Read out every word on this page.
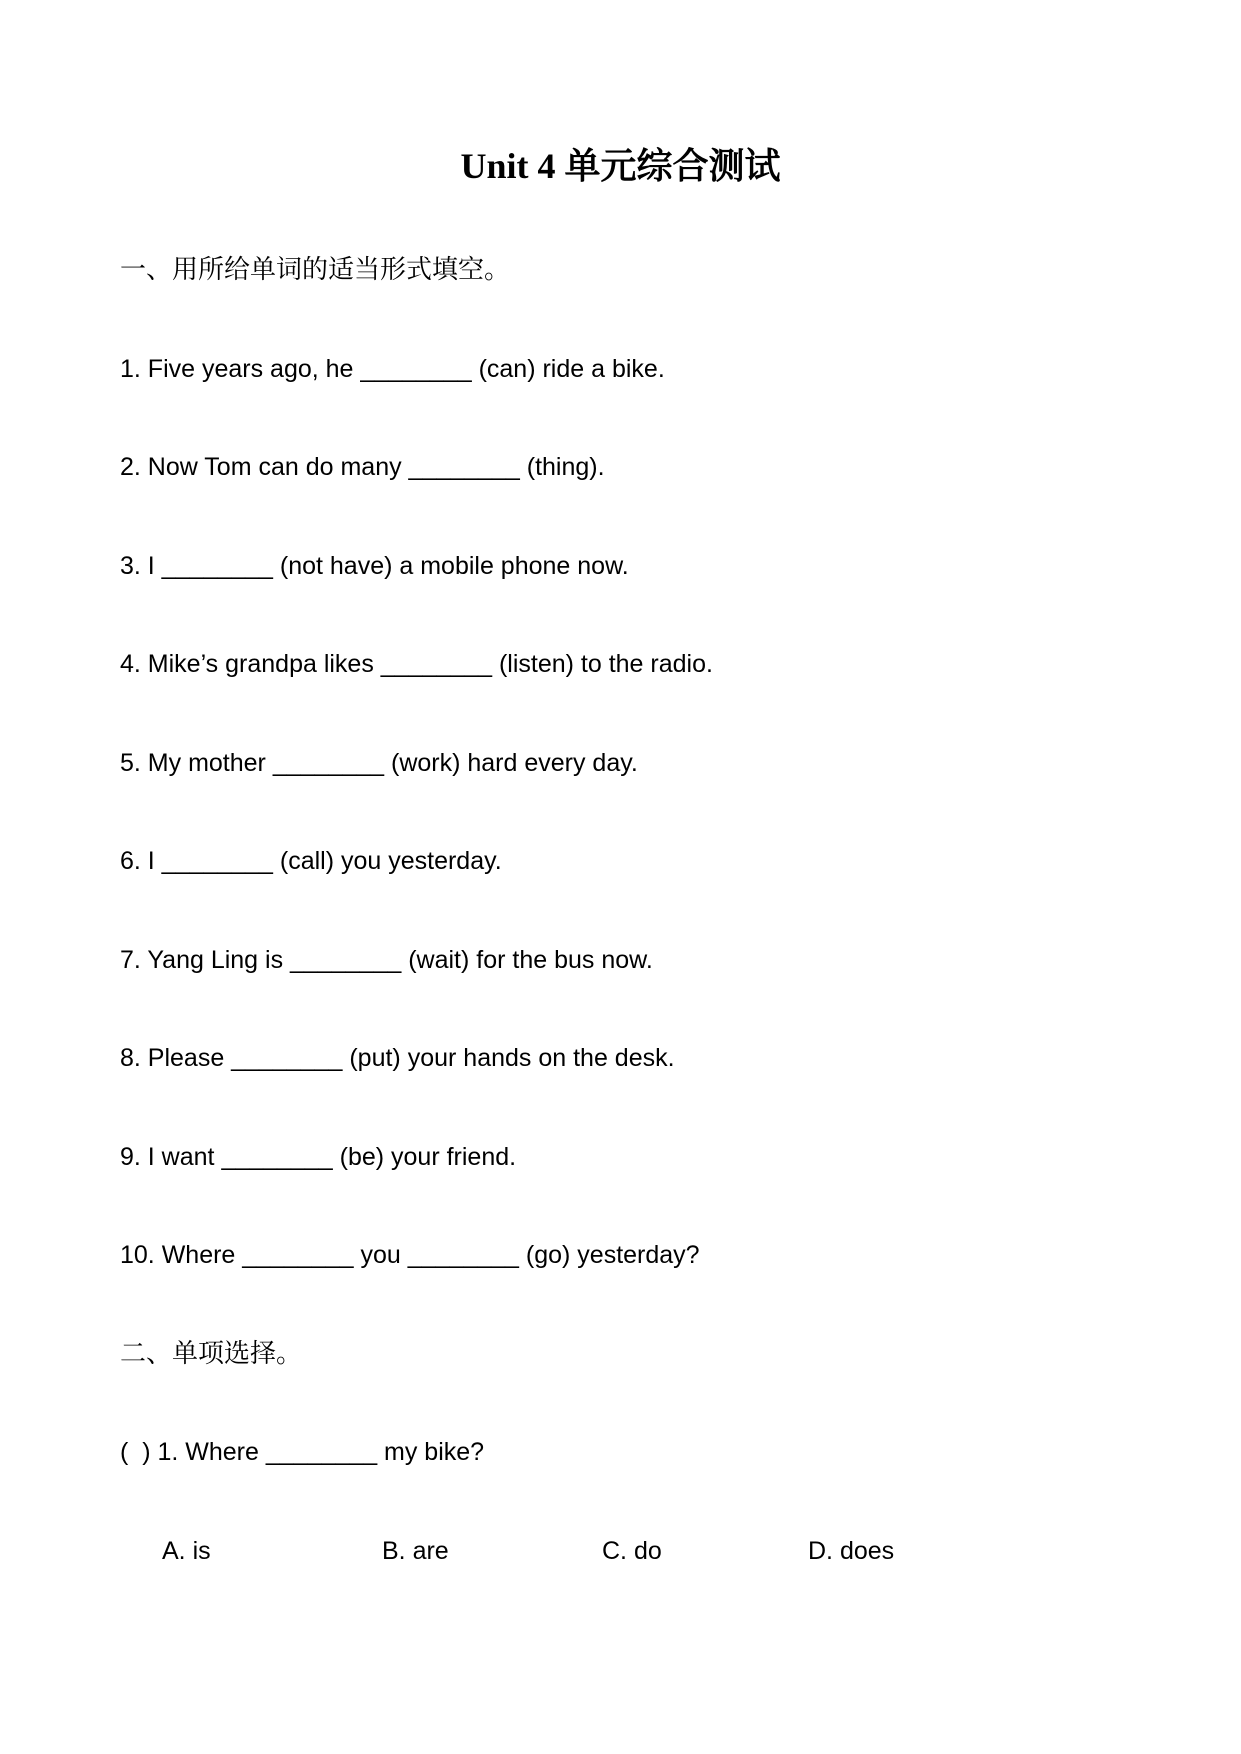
Unit 4 单元综合测试

一、用所给单词的适当形式填空。

1. Five years ago, he ________ (can) ride a bike.

2. Now Tom can do many ________ (thing).

3. I ________ (not have) a mobile phone now.

4. Mike’s grandpa likes ________ (listen) to the radio.

5. My mother ________ (work) hard every day.

6. I ________ (call) you yesterday.

7. Yang Ling is ________ (wait) for the bus now.

8. Please ________ (put) your hands on the desk.

9. I want ________ (be) your friend.

10. Where ________ you ________ (go) yesterday?

二、单项选择。

(  ) 1. Where ________ my bike?

A. is	B. are	C. do	D. does
